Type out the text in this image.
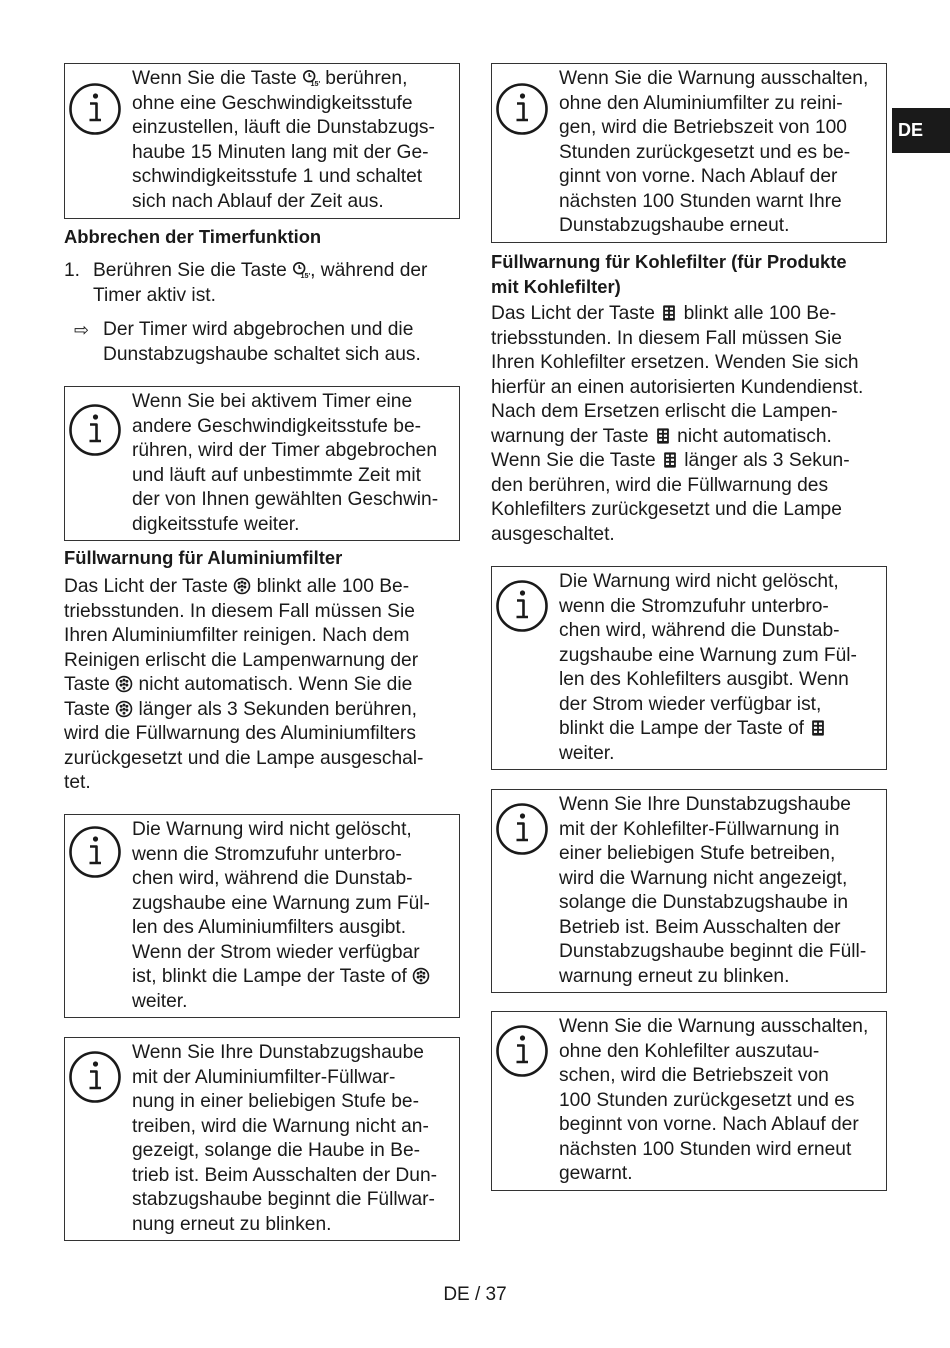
DE
Wenn Sie die Taste  berühren,
ohne eine Geschwindigkeitsstufe
einzustellen, läuft die Dunstabzugs-
haube 15 Minuten lang mit der Ge-
schwindigkeitsstufe 1 und schaltet
sich nach Ablauf der Zeit aus.
Abbrechen der Timerfunktion
1. Berühren Sie die Taste , während der
Timer aktiv ist.
⇨ Der Timer wird abgebrochen und die
Dunstabzugshaube schaltet sich aus.
Wenn Sie bei aktivem Timer eine
andere Geschwindigkeitsstufe be-
rühren, wird der Timer abgebrochen
und läuft auf unbestimmte Zeit mit
der von Ihnen gewählten Geschwin-
digkeitsstufe weiter.
Füllwarnung für Aluminiumfilter
Das Licht der Taste  blinkt alle 100 Be-
triebsstunden. In diesem Fall müssen Sie
Ihren Aluminiumfilter reinigen. Nach dem
Reinigen erlischt die Lampenwarnung der
Taste  nicht automatisch. Wenn Sie die
Taste  länger als 3 Sekunden berühren,
wird die Füllwarnung des Aluminiumfilters
zurückgesetzt und die Lampe ausgeschal-
tet.
Die Warnung wird nicht gelöscht,
wenn die Stromzufuhr unterbro-
chen wird, während die Dunstab-
zugshaube eine Warnung zum Fül-
len des Aluminiumfilters ausgibt.
Wenn der Strom wieder verfügbar
ist, blinkt die Lampe der Taste of
weiter.
Wenn Sie Ihre Dunstabzugshaube
mit der Aluminiumfilter-Füllwar-
nung in einer beliebigen Stufe be-
treiben, wird die Warnung nicht an-
gezeigt, solange die Haube in Be-
trieb ist. Beim Ausschalten der Dun-
stabzugshaube beginnt die Füllwar-
nung erneut zu blinken.
Wenn Sie die Warnung ausschalten,
ohne den Aluminiumfilter zu reini-
gen, wird die Betriebszeit von 100
Stunden zurückgesetzt und es be-
ginnt von vorne. Nach Ablauf der
nächsten 100 Stunden warnt Ihre
Dunstabzugshaube erneut.
Füllwarnung für Kohlefilter (für Produkte
mit Kohlefilter)
Das Licht der Taste  blinkt alle 100 Be-
triebsstunden. In diesem Fall müssen Sie
Ihren Kohlefilter ersetzen. Wenden Sie sich
hierfür an einen autorisierten Kundendienst.
Nach dem Ersetzen erlischt die Lampen-
warnung der Taste  nicht automatisch.
Wenn Sie die Taste  länger als 3 Sekun-
den berühren, wird die Füllwarnung des
Kohlefilters zurückgesetzt und die Lampe
ausgeschaltet.
Die Warnung wird nicht gelöscht,
wenn die Stromzufuhr unterbro-
chen wird, während die Dunstab-
zugshaube eine Warnung zum Fül-
len des Kohlefilters ausgibt. Wenn
der Strom wieder verfügbar ist,
blinkt die Lampe der Taste of
weiter.
Wenn Sie Ihre Dunstabzugshaube
mit der Kohlefilter-Füllwarnung in
einer beliebigen Stufe betreiben,
wird die Warnung nicht angezeigt,
solange die Dunstabzugshaube in
Betrieb ist. Beim Ausschalten der
Dunstabzugshaube beginnt die Füll-
warnung erneut zu blinken.
Wenn Sie die Warnung ausschalten,
ohne den Kohlefilter auszutau-
schen, wird die Betriebszeit von
100 Stunden zurückgesetzt und es
beginnt von vorne. Nach Ablauf der
nächsten 100 Stunden wird erneut
gewarnt.
DE / 37
